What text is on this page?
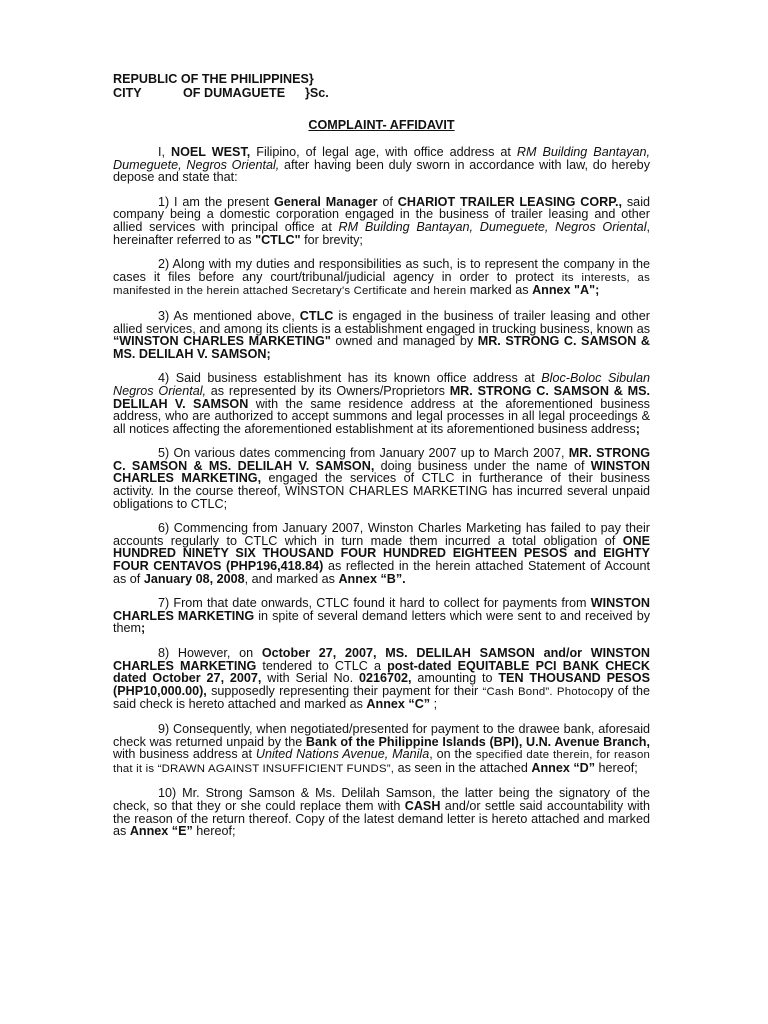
REPUBLIC OF THE PHILIPPINES}
CITY	OF DUMAGUETE }Sc.
COMPLAINT- AFFIDAVIT

I, NOEL WEST, Filipino, of legal age, with office address at RM Building Bantayan, Dumeguete, Negros Oriental, after having been duly sworn in accordance with law, do hereby depose and state that:

1) I am the present General Manager of CHARIOT TRAILER LEASING CORP., said company being a domestic corporation engaged in the business of trailer leasing and other allied services with principal office at RM Building Bantayan, Dumeguete, Negros Oriental, hereinafter referred to as "CTLC" for brevity;

2) Along with my duties and responsibilities as such, is to represent the company in the cases it files before any court/tribunal/judicial agency in order to protect its interests, as manifested in the herein attached Secretary's Certificate and herein marked as Annex "A";

3) As mentioned above, CTLC is engaged in the business of trailer leasing and other allied services, and among its clients is a establishment engaged in trucking business, known as “WINSTON CHARLES MARKETING" owned and managed by MR. STRONG C. SAMSON & MS. DELILAH V. SAMSON;

4) Said business establishment has its known office address at Bloc-Boloc Sibulan Negros Oriental, as represented by its Owners/Proprietors MR. STRONG C. SAMSON & MS. DELILAH V. SAMSON with the same residence address at the aforementioned business address, who are authorized to accept summons and legal processes in all legal proceedings & all notices affecting the aforementioned establishment at its aforementioned business address;

5) On various dates commencing from January 2007 up to March 2007, MR. STRONG C. SAMSON & MS. DELILAH V. SAMSON, doing business under the name of WINSTON CHARLES MARKETING, engaged the services of CTLC in furtherance of their business activity. In the course thereof, WINSTON CHARLES MARKETING has incurred several unpaid obligations to CTLC;

6) Commencing from January 2007, Winston Charles Marketing has failed to pay their accounts regularly to CTLC which in turn made them incurred a total obligation of ONE HUNDRED NINETY SIX THOUSAND FOUR HUNDRED EIGHTEEN PESOS and EIGHTY FOUR CENTAVOS (PHP196,418.84) as reflected in the herein attached Statement of Account as of January 08, 2008, and marked as Annex “B”.

7) From that date onwards, CTLC found it hard to collect for payments from WINSTON CHARLES MARKETING in spite of several demand letters which were sent to and received by them;

8) However, on October 27, 2007, MS. DELILAH SAMSON and/or WINSTON CHARLES MARKETING tendered to CTLC a post-dated EQUITABLE PCI BANK CHECK dated October 27, 2007, with Serial No. 0216702, amounting to TEN THOUSAND PESOS (PHP10,000.00), supposedly representing their payment for their “Cash Bond”. Photocopy of the said check is hereto attached and marked as Annex “C” ;

9) Consequently, when negotiated/presented for payment to the drawee bank, aforesaid check was returned unpaid by the Bank of the Philippine Islands (BPI), U.N. Avenue Branch, with business address at United Nations Avenue, Manila, on the specified date therein, for reason that it is “DRAWN AGAINST INSUFFICIENT FUNDS”, as seen in the attached Annex “D” hereof;

10) Mr. Strong Samson & Ms. Delilah Samson, the latter being the signatory of the check, so that they or she could replace them with CASH and/or settle said accountability with the reason of the return thereof. Copy of the latest demand letter is hereto attached and marked as Annex “E” hereof;
